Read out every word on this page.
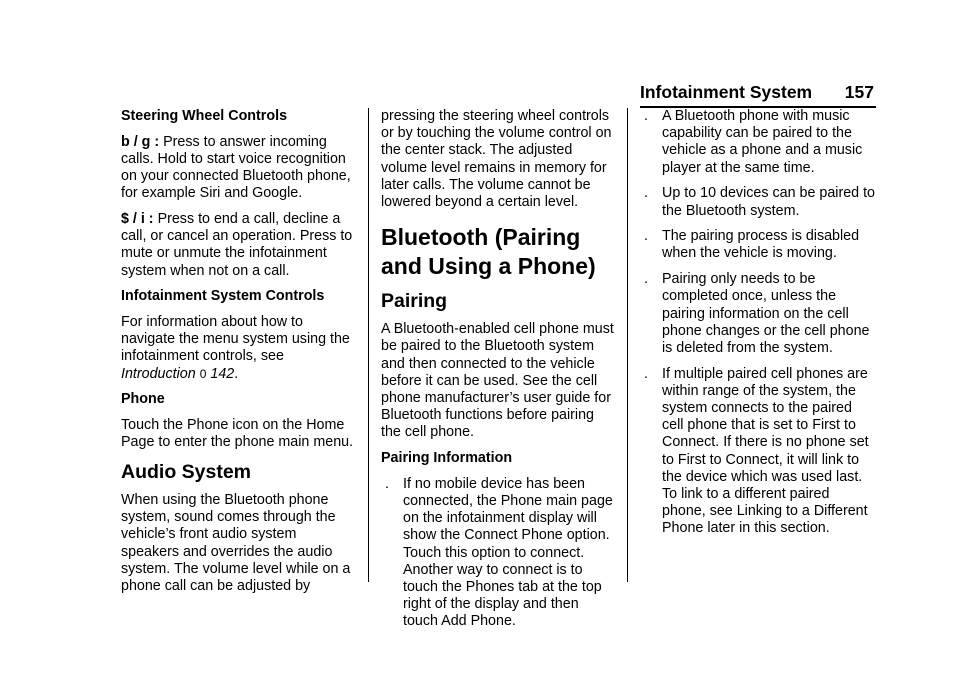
Infotainment System 157
Steering Wheel Controls

b / g : Press to answer incoming calls. Hold to start voice recognition on your connected Bluetooth phone, for example Siri and Google.

$ / i : Press to end a call, decline a call, or cancel an operation. Press to mute or unmute the infotainment system when not on a call.

Infotainment System Controls

For information about how to navigate the menu system using the infotainment controls, see
Introduction 0 142.

Phone

Touch the Phone icon on the Home Page to enter the phone main menu.

Audio System

When using the Bluetooth phone system, sound comes through the vehicle’s front audio system speakers and overrides the audio system. The volume level while on a phone call can be adjusted by

pressing the steering wheel controls or by touching the volume control on the center stack. The adjusted volume level remains in memory for later calls. The volume cannot be lowered beyond a certain level.

Bluetooth (Pairing and Using a Phone)
Pairing

A Bluetooth-enabled cell phone must be paired to the Bluetooth system and then connected to the vehicle before it can be used. See the cell phone manufacturer’s user guide for Bluetooth functions before pairing the cell phone.

Pairing Information
. If no mobile device has been connected, the Phone main page on the infotainment display will show the Connect Phone option. Touch this option to connect. Another way to connect is to touch the Phones tab at the top right of the display and then touch Add Phone.
. A Bluetooth phone with music capability can be paired to the vehicle as a phone and a music player at the same time.
. Up to 10 devices can be paired to the Bluetooth system.
. The pairing process is disabled when the vehicle is moving.
. Pairing only needs to be completed once, unless the pairing information on the cell phone changes or the cell phone is deleted from the system.
. If multiple paired cell phones are within range of the system, the system connects to the paired cell phone that is set to First to Connect. If there is no phone set to First to Connect, it will link to the device which was used last. To link to a different paired phone, see Linking to a Different Phone later in this section.
